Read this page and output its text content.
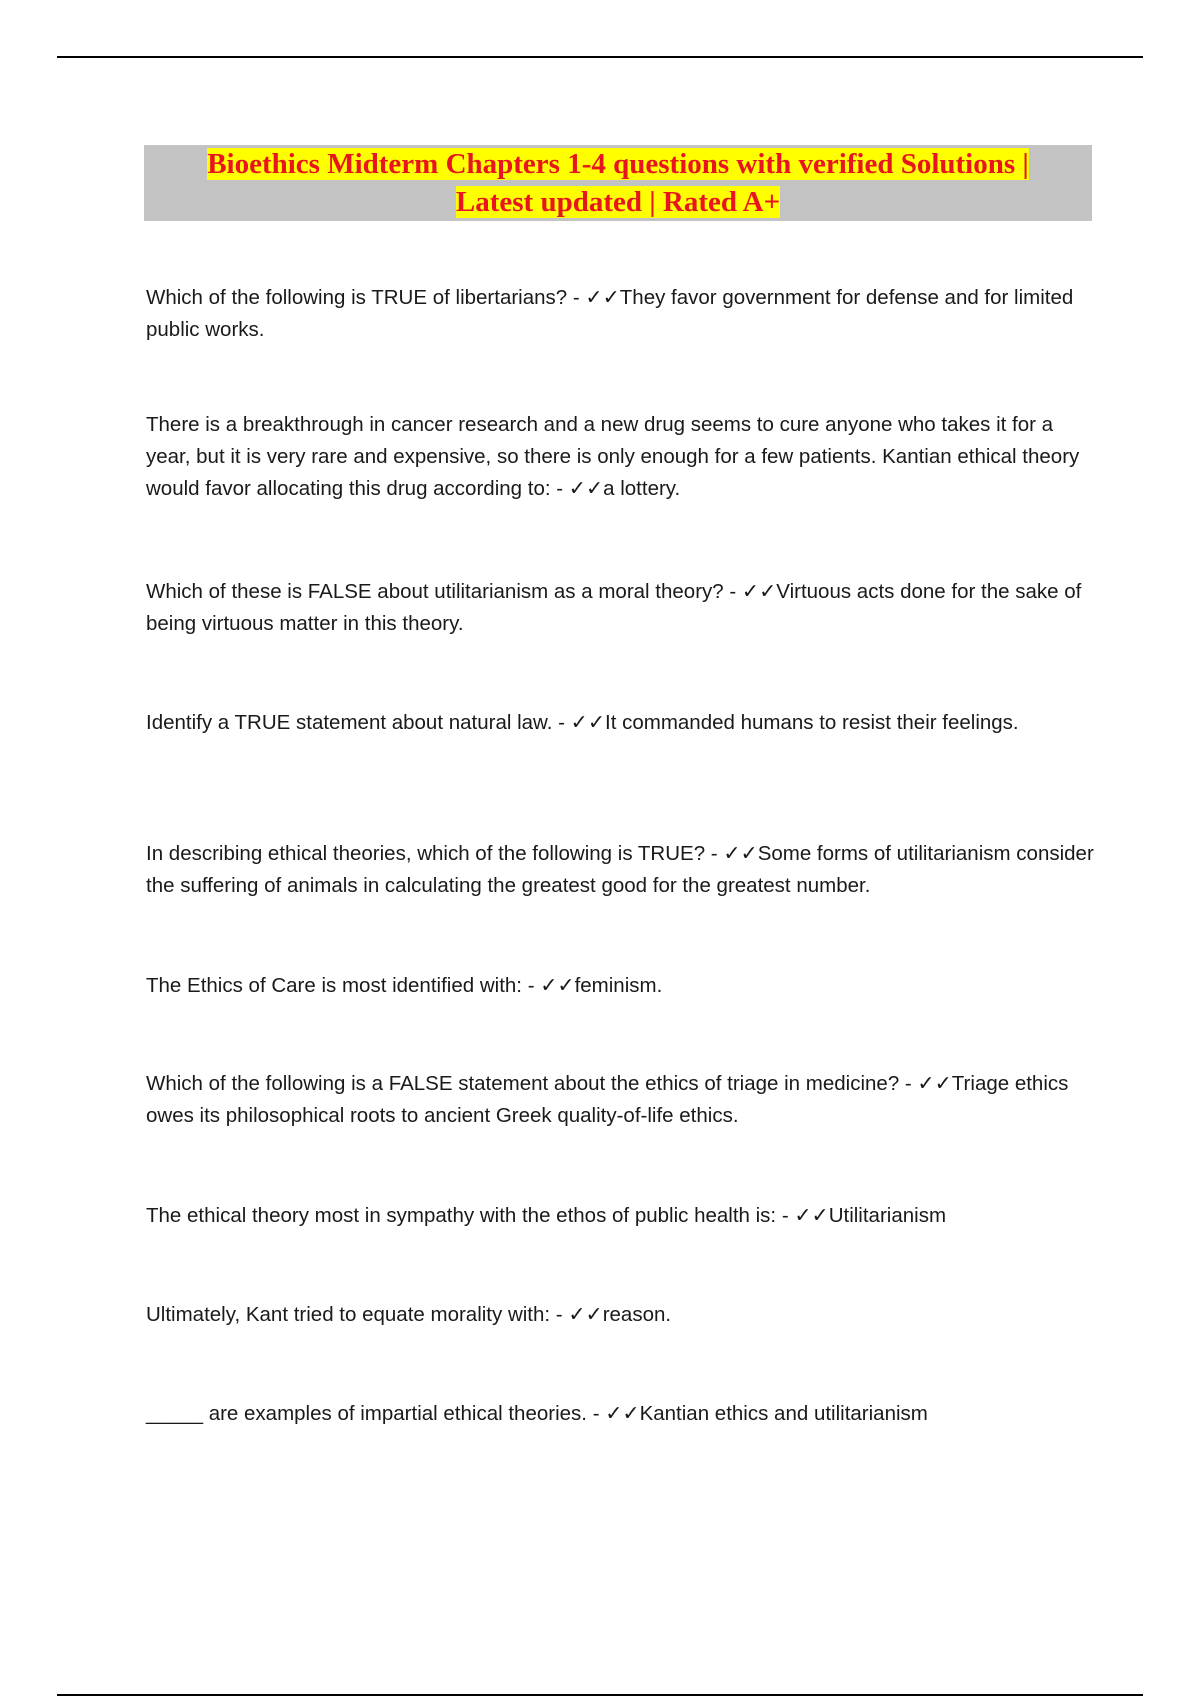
Bioethics Midterm Chapters 1-4 questions with verified Solutions |
Latest updated | Rated A+

Which of the following is TRUE of libertarians? - ✓✓They favor government for defense and for limited public works.

There is a breakthrough in cancer research and a new drug seems to cure anyone who takes it for a year, but it is very rare and expensive, so there is only enough for a few patients. Kantian ethical theory would favor allocating this drug according to: - ✓✓a lottery.

Which of these is FALSE about utilitarianism as a moral theory? - ✓✓Virtuous acts done for the sake of being virtuous matter in this theory.

Identify a TRUE statement about natural law. - ✓✓It commanded humans to resist their feelings.

In describing ethical theories, which of the following is TRUE? - ✓✓Some forms of utilitarianism consider the suffering of animals in calculating the greatest good for the greatest number.

The Ethics of Care is most identified with: - ✓✓feminism.

Which of the following is a FALSE statement about the ethics of triage in medicine? - ✓✓Triage ethics owes its philosophical roots to ancient Greek quality-of-life ethics.

The ethical theory most in sympathy with the ethos of public health is: - ✓✓Utilitarianism

Ultimately, Kant tried to equate morality with: - ✓✓reason.

_____ are examples of impartial ethical theories. - ✓✓Kantian ethics and utilitarianism
